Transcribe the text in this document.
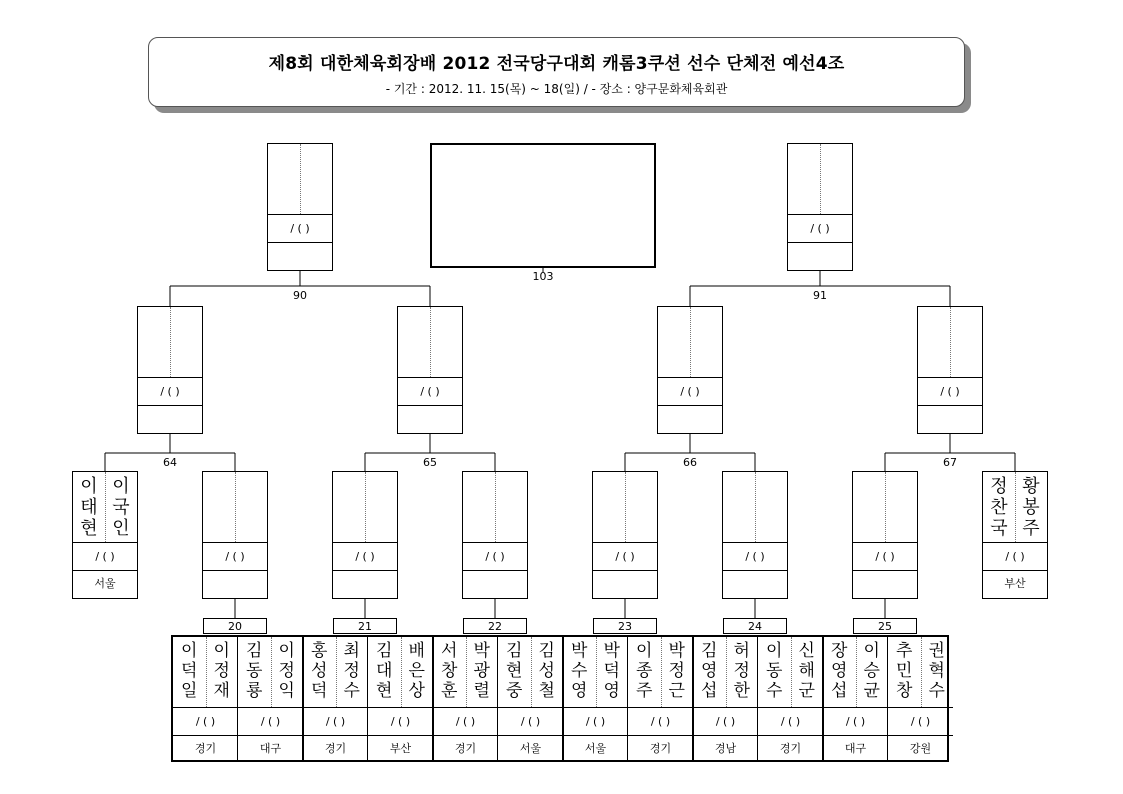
제8회 대한체육회장배 2012 전국당구대회 캐롬3쿠션 선수 단체전 예선4조
- 기간 : 2012. 11. 15(목) ~ 18(일) / - 장소 : 양구문화체육회관
103
90	91
64	65	66	67
20	21	22	23	24	25
/ ( )	/ ( )
/ ( )	/ ( )	/ ( )	/ ( )
이
태
현
이
국
인
/ ( )
서울
/ ( )	/ ( )	/ ( )	/ ( )	/ ( )	/ ( )
정
찬
국
황
봉
주
/ ( )
부산
이
덕
일
이
정
재
/ ( )
경기
김
동
룡
이
정
익
/ ( )
대구
홍
성
덕
최
정
수
/ ( )
경기
김
대
현
배
은
상
/ ( )
부산
서
창
훈
박
광
렬
/ ( )
경기
김
현
중
김
성
철
/ ( )
서울
박
수
영
박
덕
영
/ ( )
서울
이
종
주
박
정
근
/ ( )
경기
김
영
섭
허
정
한
/ ( )
경남
이
동
수
신
해
군
/ ( )
경기
장
영
섭
이
승
균
/ ( )
대구
추
민
창
권
혁
수
/ ( )
강원
